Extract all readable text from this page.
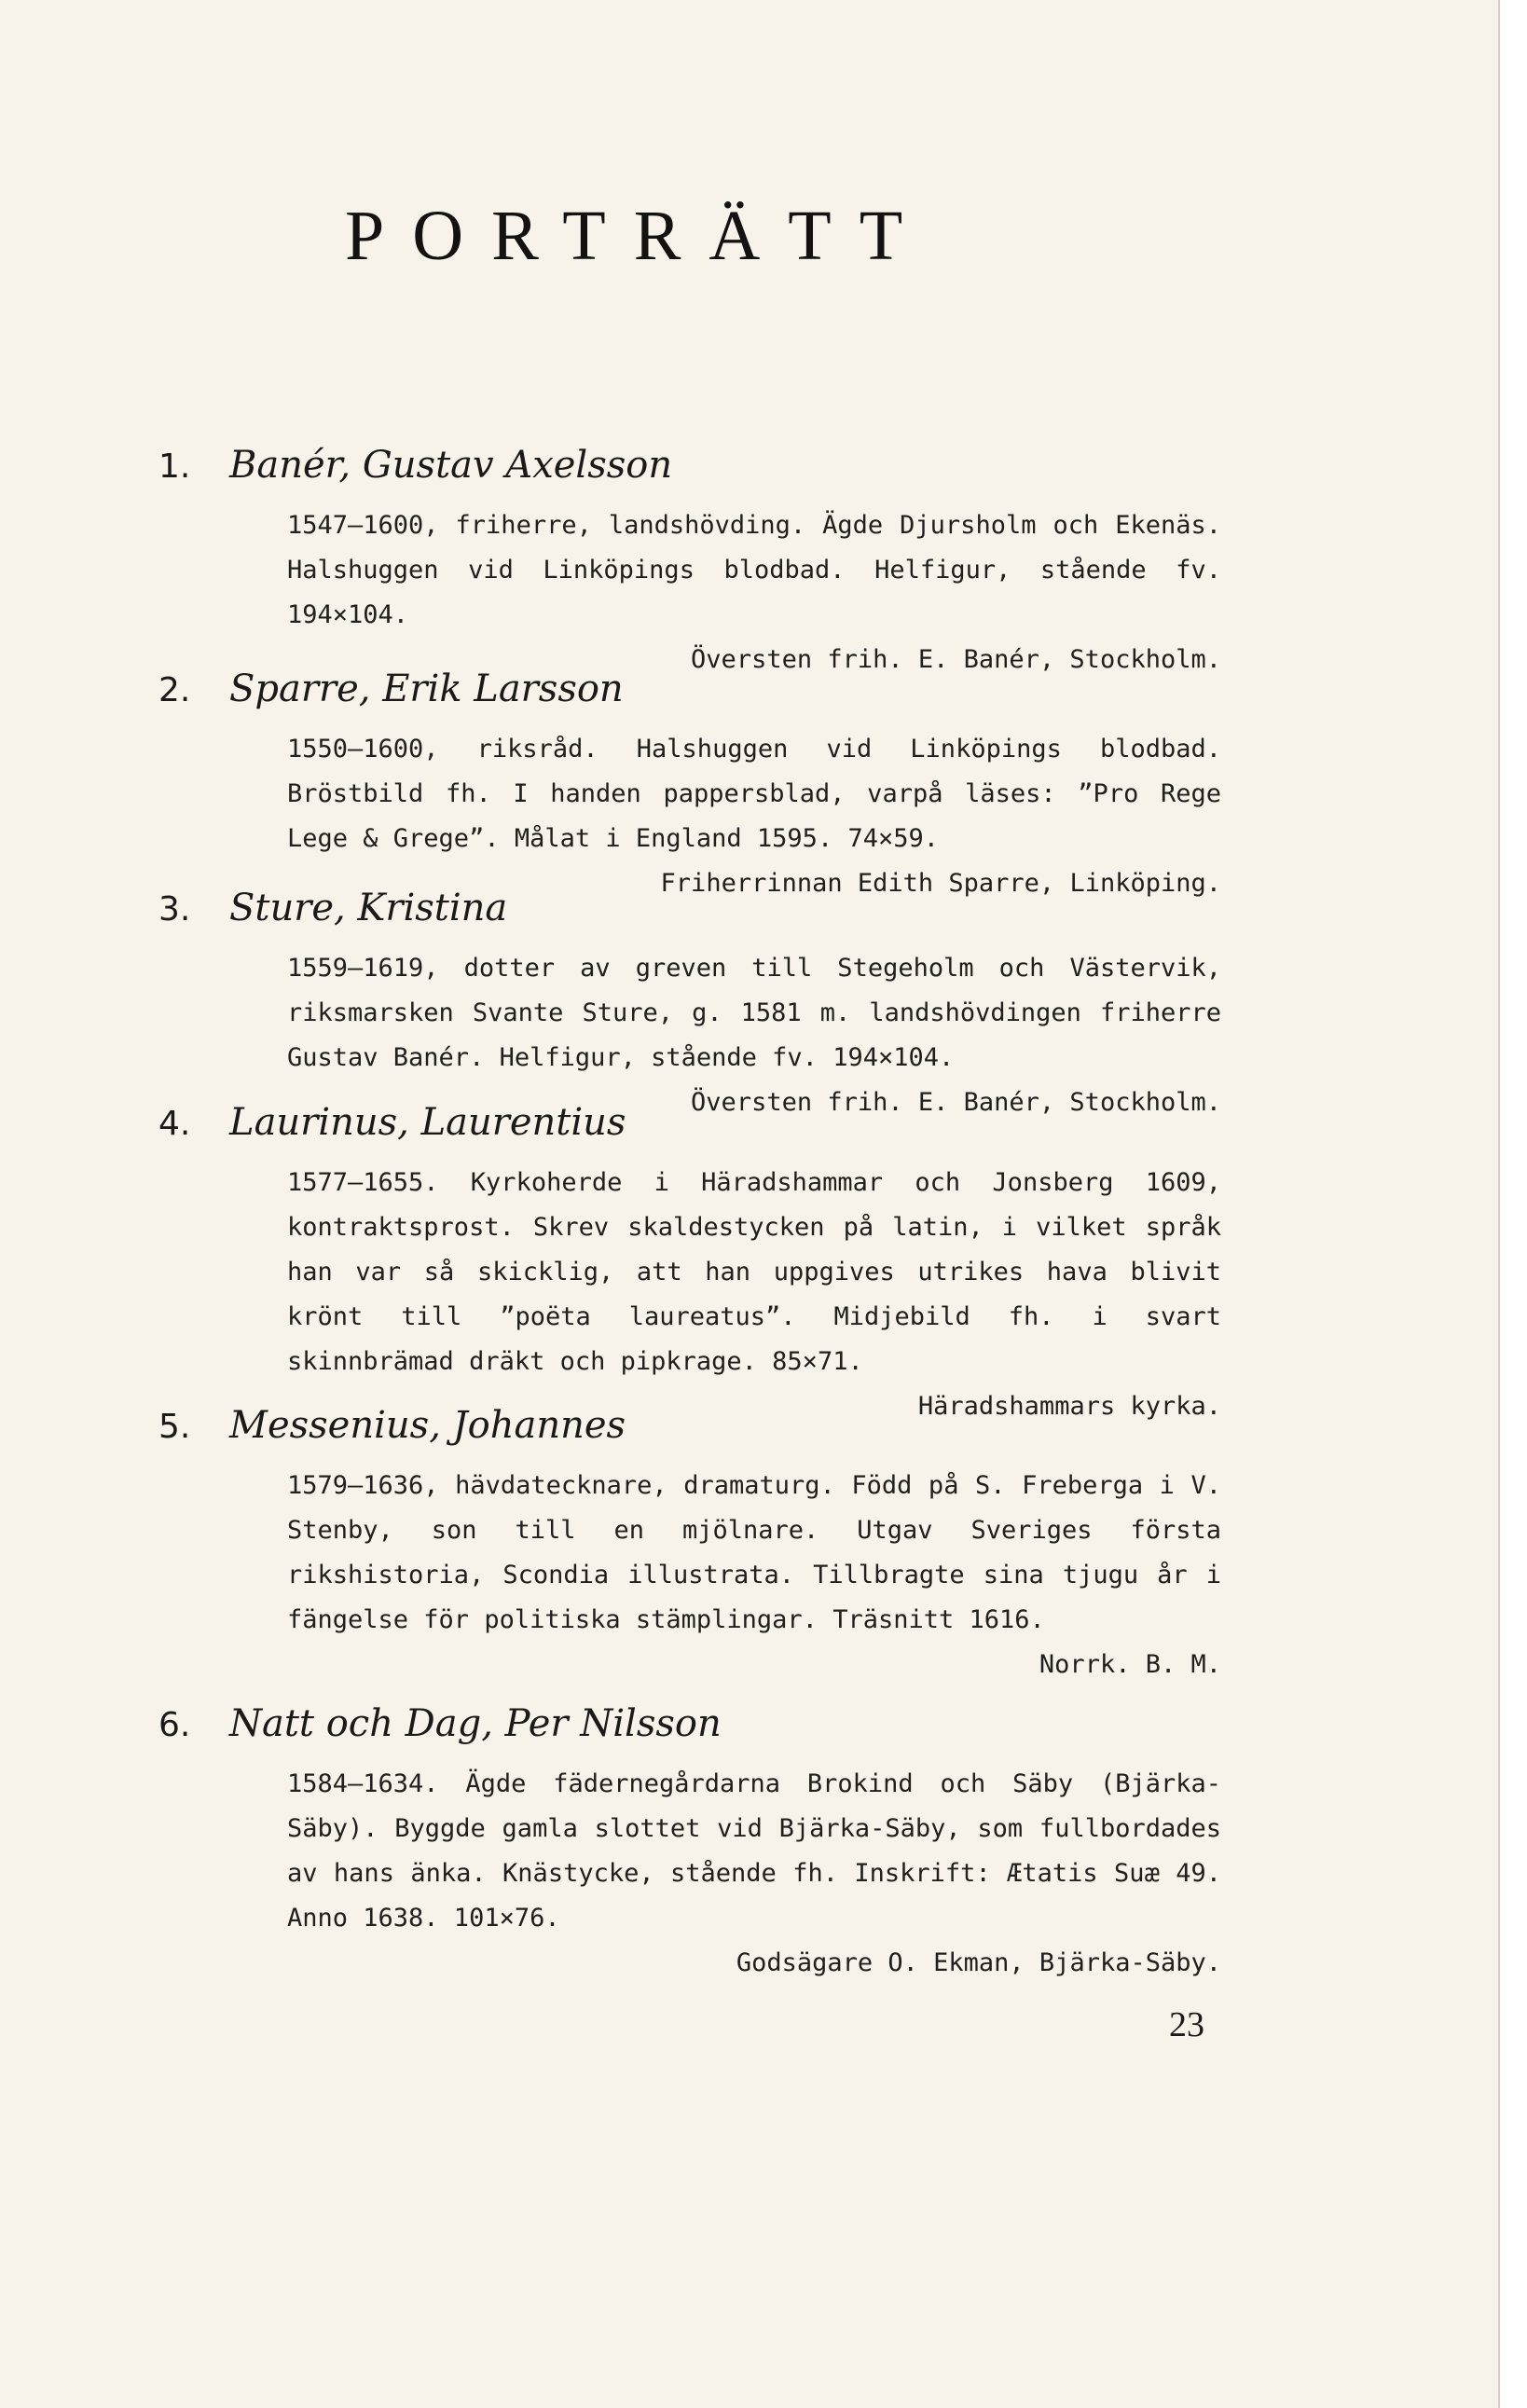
PORTRÄTT
1. Banér, Gustav Axelsson
1547—1600, friherre, landshövding. Ägde Djursholm och Ekenäs. Halshuggen vid Linköpings blodbad. Helfigur, stående fv. 194×104.
Översten frih. E. Banér, Stockholm.
2. Sparre, Erik Larsson
1550—1600, riksråd. Halshuggen vid Linköpings blodbad. Bröstbild fh. I handen pappersblad, varpå läses: ”Pro Rege Lege & Grege”. Målat i England 1595. 74×59.
Friherrinnan Edith Sparre, Linköping.
3. Sture, Kristina
1559—1619, dotter av greven till Stegeholm och Västervik, riksmarsken Svante Sture, g. 1581 m. landshövdingen friherre Gustav Banér. Helfigur, stående fv. 194×104.
Översten frih. E. Banér, Stockholm.
4. Laurinus, Laurentius
1577—1655. Kyrkoherde i Häradshammar och Jonsberg 1609, kontraktsprost. Skrev skaldestycken på latin, i vilket språk han var så skicklig, att han uppgives utrikes hava blivit krönt till ”poëta laureatus”. Midjebild fh. i svart skinnbrämad dräkt och pipkrage. 85×71.
Häradshammars kyrka.
5. Messenius, Johannes
1579—1636, hävdatecknare, dramaturg. Född på S. Freberga i V. Stenby, son till en mjölnare. Utgav Sveriges första rikshistoria, Scondia illustrata. Tillbragte sina tjugu år i fängelse för politiska stämplingar. Träsnitt 1616.
Norrk. B. M.
6. Natt och Dag, Per Nilsson
1584—1634. Ägde fädernegårdarna Brokind och Säby (Bjärka-Säby). Byggde gamla slottet vid Bjärka-Säby, som fullbordades av hans änka. Knästycke, stående fh. Inskrift: Ætatis Suæ 49. Anno 1638. 101×76.
Godsägare O. Ekman, Bjärka-Säby.
23
